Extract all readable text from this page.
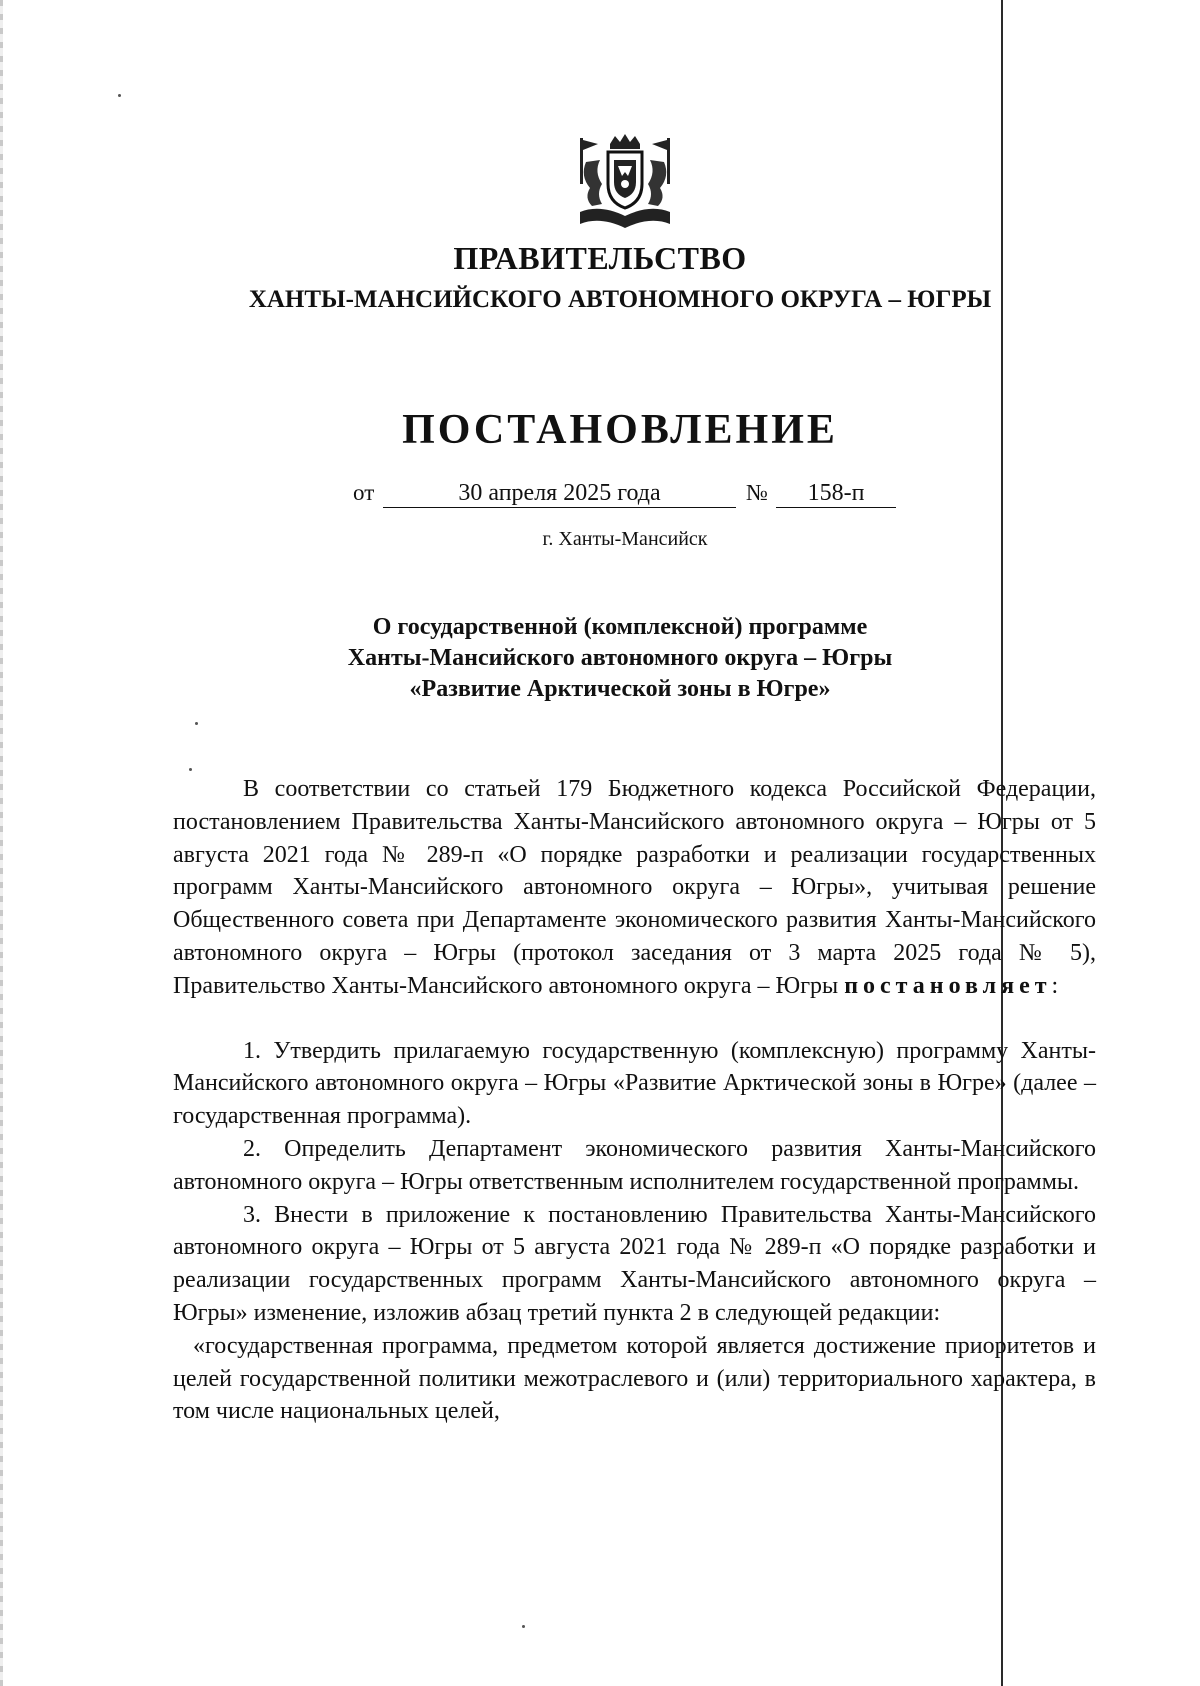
ПРАВИТЕЛЬСТВО
ХАНТЫ-МАНСИЙСКОГО АВТОНОМНОГО ОКРУГА – ЮГРЫ
ПОСТАНОВЛЕНИЕ
от	30 апреля 2025 года	№	158-п
г. Ханты-Мансийск
О государственной (комплексной) программе
Ханты-Мансийского автономного округа – Югры
«Развитие Арктической зоны в Югре»

В соответствии со статьей 179 Бюджетного кодекса Российской Федерации, постановлением Правительства Ханты-Мансийского автономного округа – Югры от 5 августа 2021 года № 289-п «О порядке разработки и реализации государственных программ Ханты-Мансийского автономного округа – Югры», учитывая решение Общественного совета при Департаменте экономического развития Ханты-Мансийского автономного округа – Югры (протокол заседания от 3 марта 2025 года № 5), Правительство Ханты-Мансийского автономного округа – Югры постановляет:

1. Утвердить прилагаемую государственную (комплексную) программу Ханты-Мансийского автономного округа – Югры «Развитие Арктической зоны в Югре» (далее – государственная программа).

2. Определить Департамент экономического развития Ханты-Мансийского автономного округа – Югры ответственным исполнителем государственной программы.

3. Внести в приложение к постановлению Правительства Ханты-Мансийского автономного округа – Югры от 5 августа 2021 года № 289-п «О порядке разработки и реализации государственных программ Ханты-Мансийского автономного округа – Югры» изменение, изложив абзац третий пункта 2 в следующей редакции:

«государственная программа, предметом которой является достижение приоритетов и целей государственной политики межотраслевого и (или) территориального характера, в том числе национальных целей,
